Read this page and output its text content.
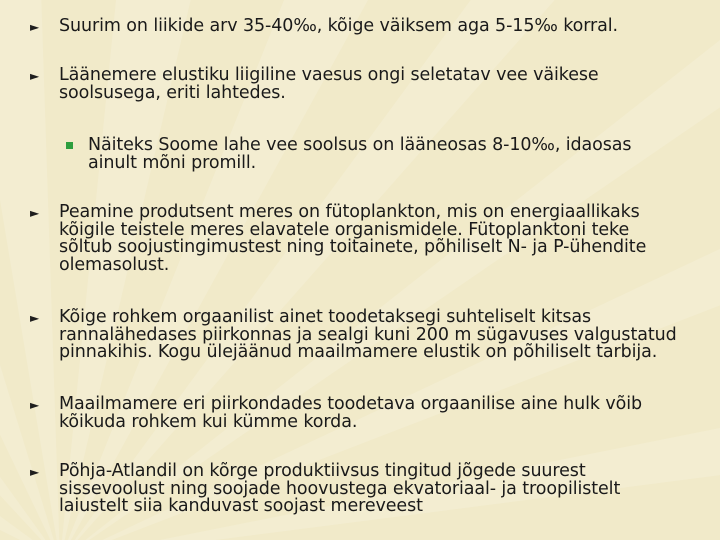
► Suurim on liikide arv 35-40‰, kõige väiksem aga 5-15‰ korral.
► Läänemere elustiku liigiline vaesus ongi seletatav vee väikese
soolsusega, eriti lahtedes.
Näiteks Soome lahe vee soolsus on lääneosas 8-10‰, idaosas
ainult mõni promill.
► Peamine produtsent meres on fütoplankton, mis on energiaallikaks
kõigile teistele meres elavatele organismidele. Fütoplanktoni teke
sõltub soojustingimustest ning toitainete, põhiliselt N- ja P-ühendite
olemasolust.
► Kõige rohkem orgaanilist ainet toodetaksegi suhteliselt kitsas
rannalähedases piirkonnas ja sealgi kuni 200 m sügavuses valgustatud
pinnakihis. Kogu ülejäänud maailmamere elustik on põhiliselt tarbija.
► Maailmamere eri piirkondades toodetava orgaanilise aine hulk võib
kõikuda rohkem kui kümme korda.
► Põhja-Atlandil on kõrge produktiivsus tingitud jõgede suurest
sissevoolust ning soojade hoovustega ekvatoriaal- ja troopilistelt
laiustelt siia kanduvast soojast mereveest
